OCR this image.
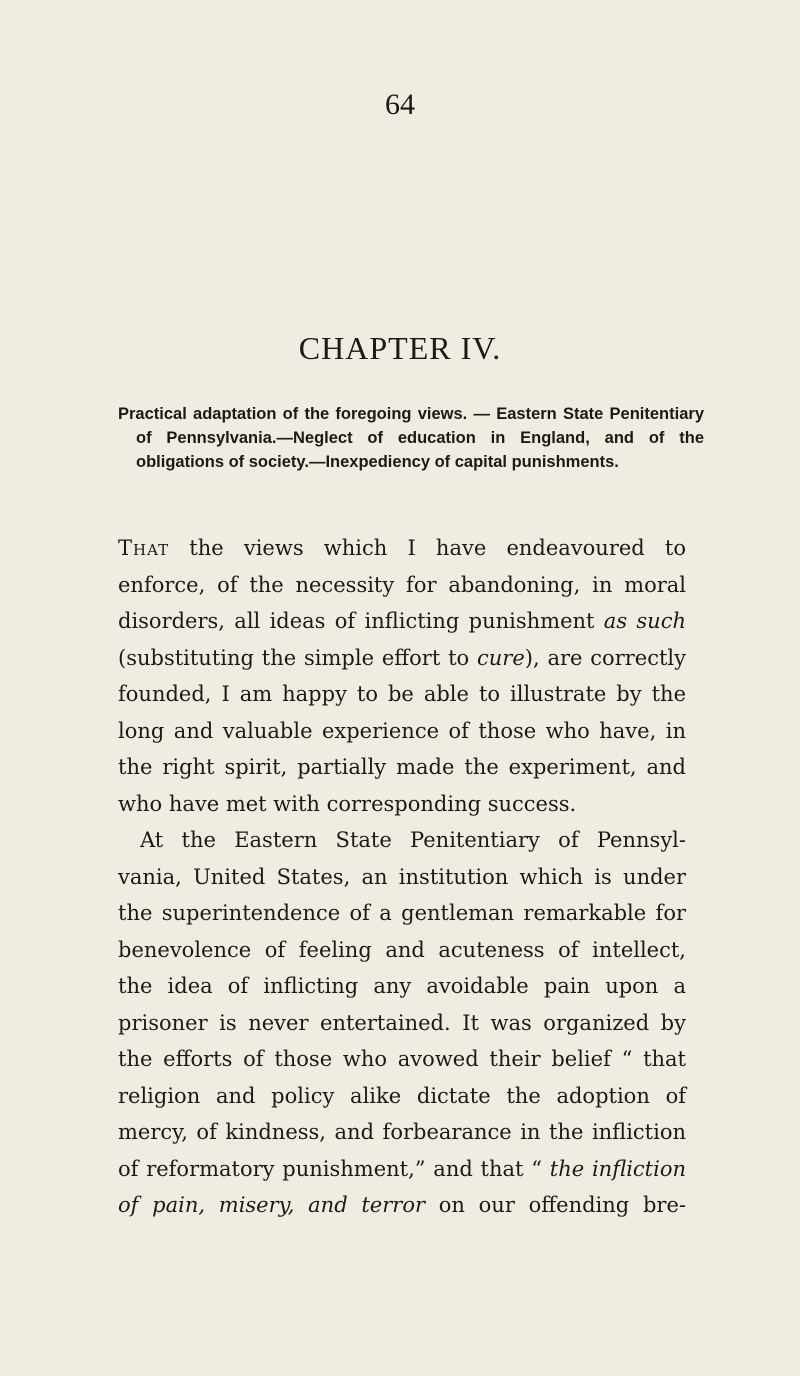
64
CHAPTER IV.
Practical adaptation of the foregoing views. — Eastern State Penitentiary of Pennsylvania.—Neglect of education in England, and of the obligations of society.—Inexpediency of capital punishments.
That the views which I have endeavoured to
enforce, of the necessity for abandoning, in moral
disorders, all ideas of inflicting punishment as such
(substituting the simple effort to cure), are correctly
founded, I am happy to be able to illustrate by the
long and valuable experience of those who have, in
the right spirit, partially made the experiment, and
who have met with corresponding success.
At the Eastern State Penitentiary of Pennsyl-
vania, United States, an institution which is under
the superintendence of a gentleman remarkable for
benevolence of feeling and acuteness of intellect,
the idea of inflicting any avoidable pain upon a
prisoner is never entertained. It was organized by
the efforts of those who avowed their belief “ that
religion and policy alike dictate the adoption of
mercy, of kindness, and forbearance in the infliction
of reformatory punishment,” and that “ the infliction
of pain, misery, and terror on our offending bre-
